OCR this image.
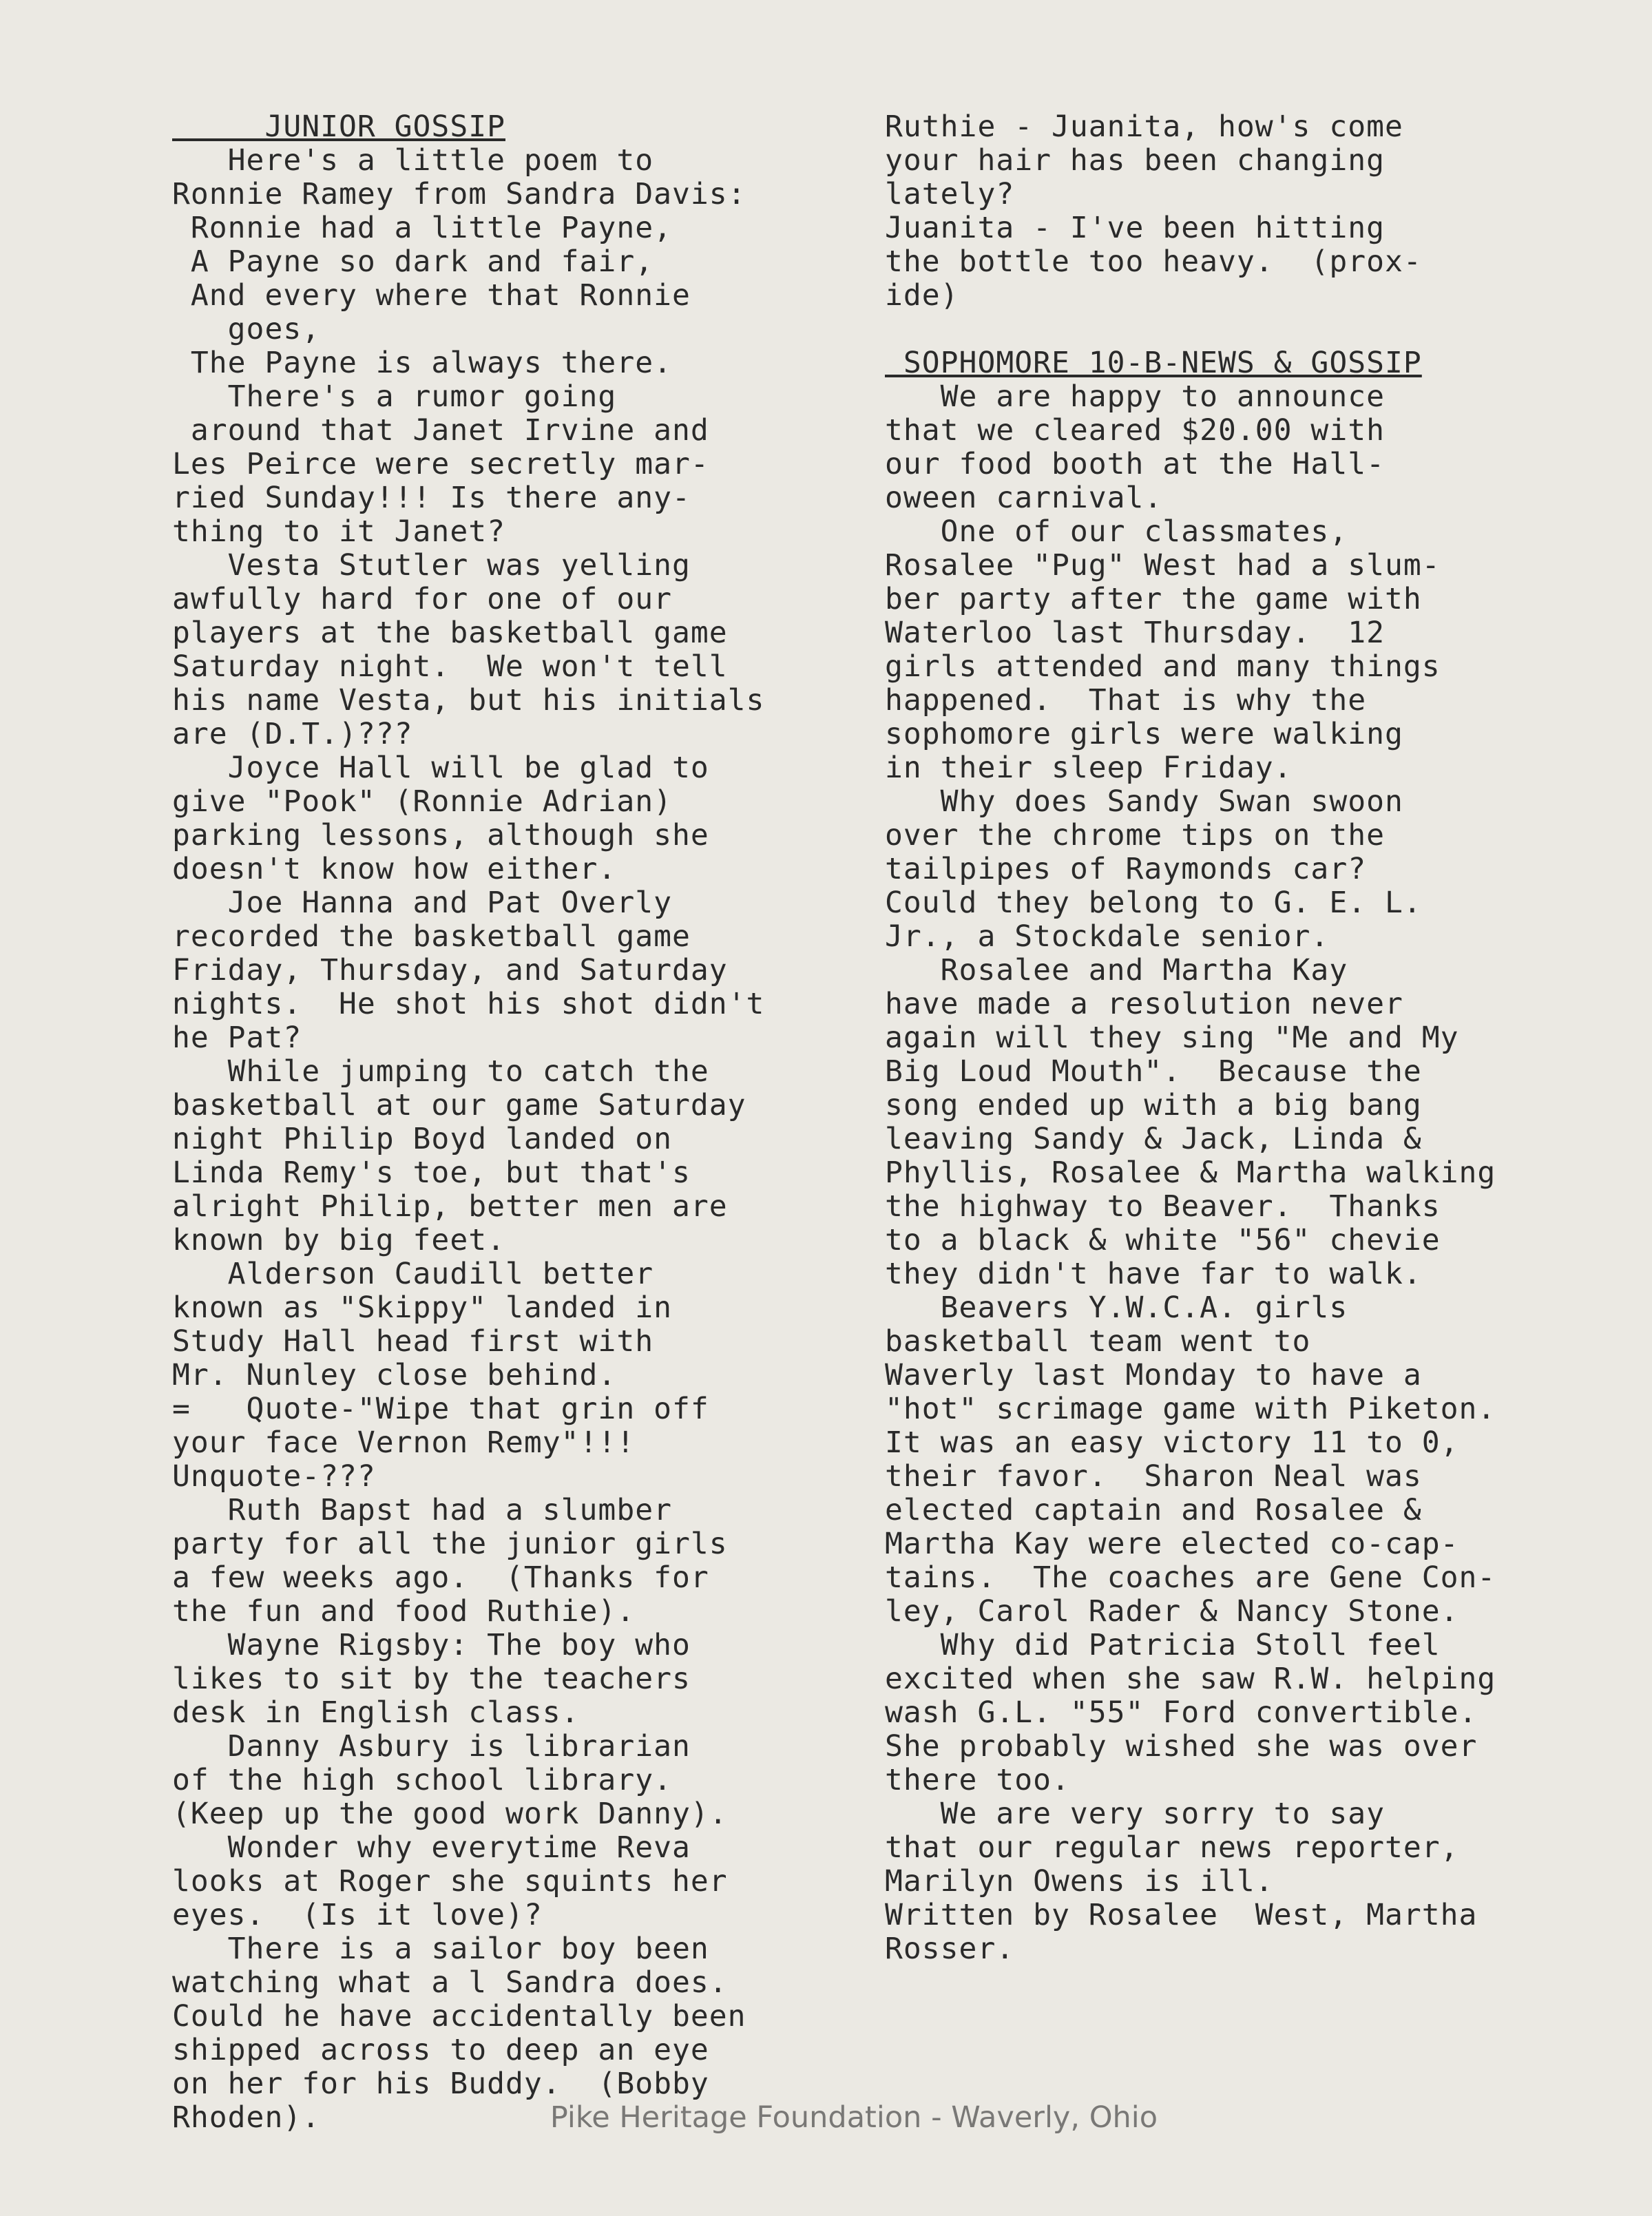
JUNIOR GOSSIP
Here's a little poem to
Ronnie Ramey from Sandra Davis:
Ronnie had a little Payne,
A Payne so dark and fair,
And every where that Ronnie
goes,
The Payne is always there.
There's a rumor going
around that Janet Irvine and
Les Peirce were secretly mar-
ried Sunday!!! Is there any-
thing to it Janet?
Vesta Stutler was yelling
awfully hard for one of our
players at the basketball game
Saturday night.  We won't tell
his name Vesta, but his initials
are (D.T.)???
Joyce Hall will be glad to
give "Pook" (Ronnie Adrian)
parking lessons, although she
doesn't know how either.
Joe Hanna and Pat Overly
recorded the basketball game
Friday, Thursday, and Saturday
nights.  He shot his shot didn't
he Pat?
While jumping to catch the
basketball at our game Saturday
night Philip Boyd landed on
Linda Remy's toe, but that's
alright Philip, better men are
known by big feet.
Alderson Caudill better
known as "Skippy" landed in
Study Hall head first with
Mr. Nunley close behind.
=   Quote-"Wipe that grin off
your face Vernon Remy"!!!
Unquote-???
Ruth Bapst had a slumber
party for all the junior girls
a few weeks ago.  (Thanks for
the fun and food Ruthie).
Wayne Rigsby: The boy who
likes to sit by the teachers
desk in English class.
Danny Asbury is librarian
of the high school library.
(Keep up the good work Danny).
Wonder why everytime Reva
looks at Roger she squints her
eyes.  (Is it love)?
There is a sailor boy been
watching what a l Sandra does.
Could he have accidentally been
shipped across to deep an eye
on her for his Buddy.  (Bobby
Rhoden).
Ruthie - Juanita, how's come
your hair has been changing
lately?
Juanita - I've been hitting
the bottle too heavy.  (prox-
ide)

SOPHOMORE 10-B-NEWS & GOSSIP
We are happy to announce
that we cleared $20.00 with
our food booth at the Hall-
oween carnival.
One of our classmates,
Rosalee "Pug" West had a slum-
ber party after the game with
Waterloo last Thursday.  12
girls attended and many things
happened.  That is why the
sophomore girls were walking
in their sleep Friday.
Why does Sandy Swan swoon
over the chrome tips on the
tailpipes of Raymonds car?
Could they belong to G. E. L.
Jr., a Stockdale senior.
Rosalee and Martha Kay
have made a resolution never
again will they sing "Me and My
Big Loud Mouth".  Because the
song ended up with a big bang
leaving Sandy & Jack, Linda &
Phyllis, Rosalee & Martha walking
the highway to Beaver.  Thanks
to a black & white "56" chevie
they didn't have far to walk.
Beavers Y.W.C.A. girls
basketball team went to
Waverly last Monday to have a
"hot" scrimage game with Piketon.
It was an easy victory 11 to 0,
their favor.  Sharon Neal was
elected captain and Rosalee &
Martha Kay were elected co-cap-
tains.  The coaches are Gene Con-
ley, Carol Rader & Nancy Stone.
Why did Patricia Stoll feel
excited when she saw R.W. helping
wash G.L. "55" Ford convertible.
She probably wished she was over
there too.
We are very sorry to say
that our regular news reporter,
Marilyn Owens is ill.
Written by Rosalee  West, Martha
Rosser.
Pike Heritage Foundation - Waverly, Ohio
